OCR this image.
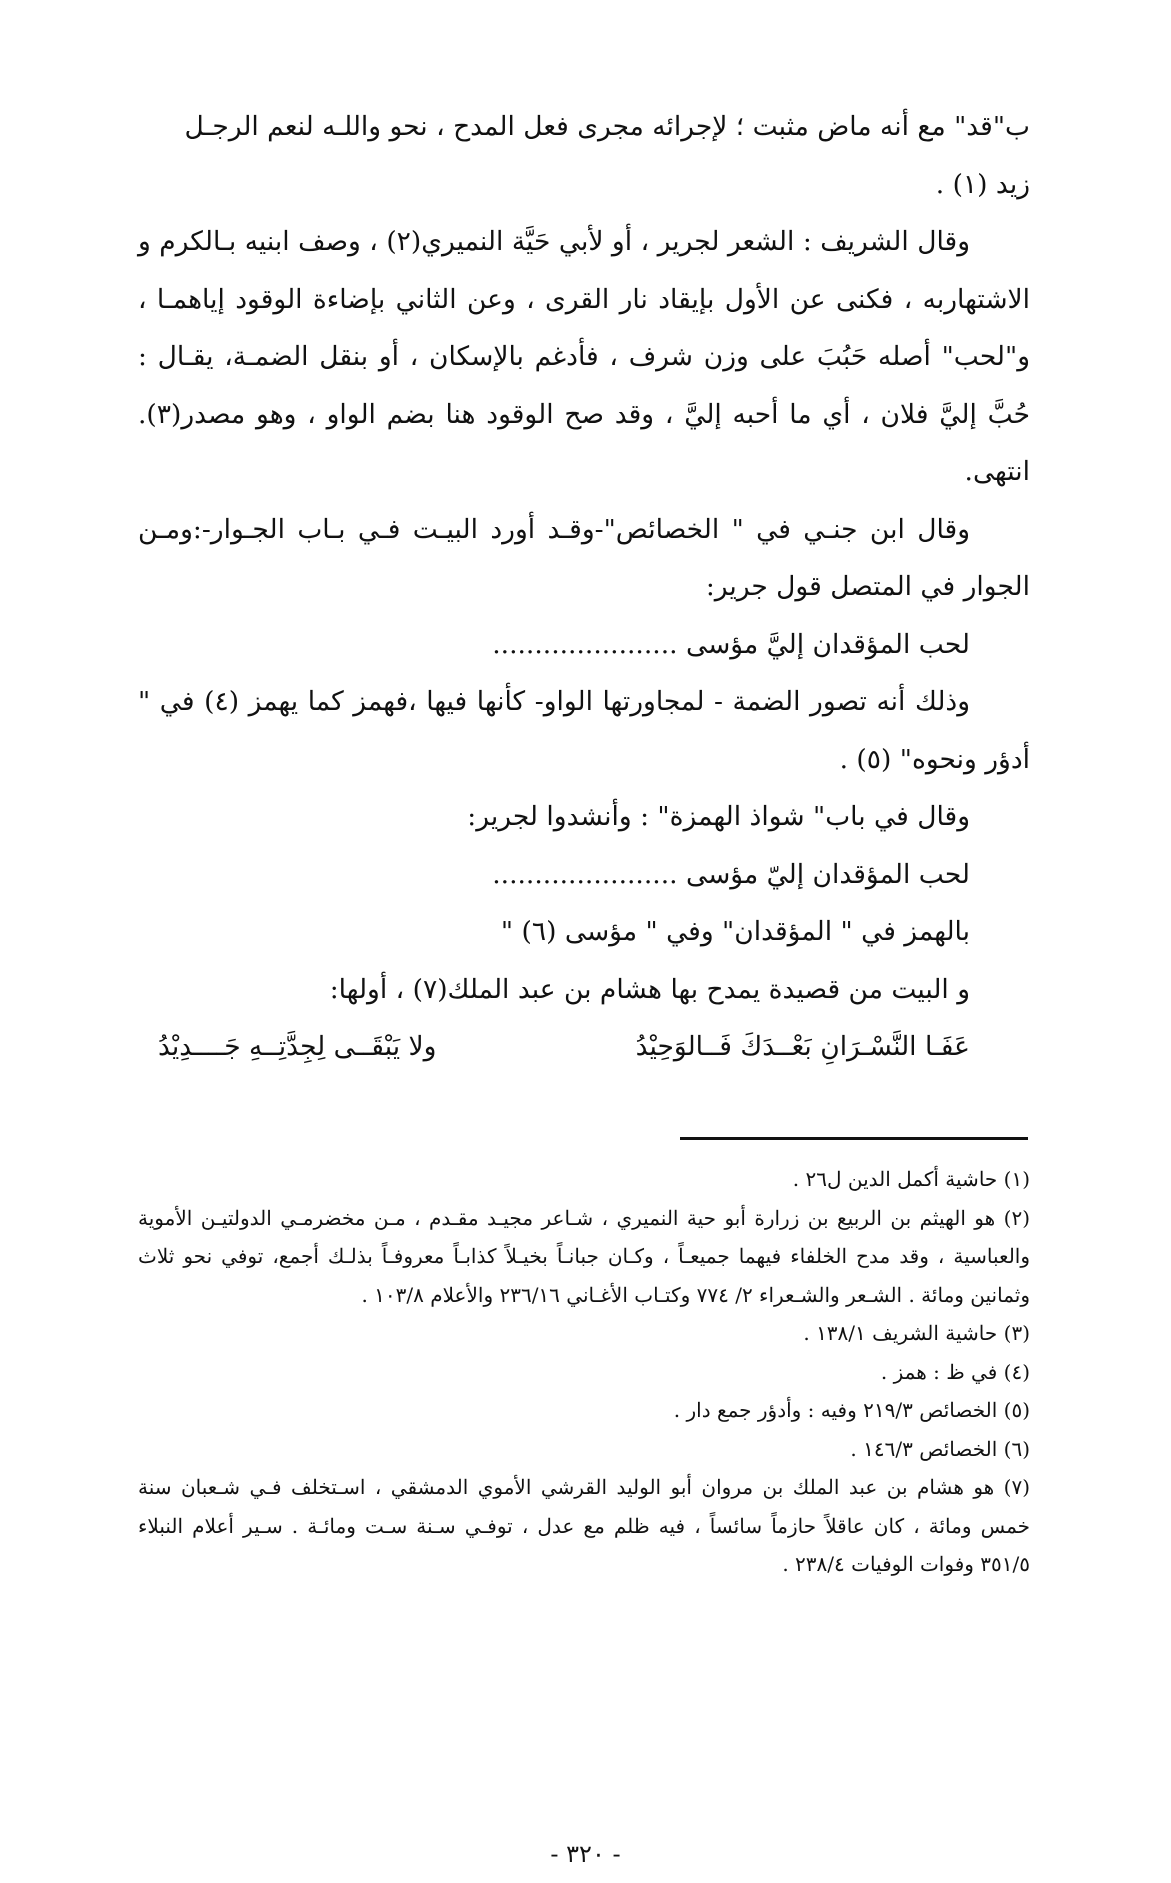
ب"قد" مع أنه ماض مثبت ؛ لإجرائه مجرى فعل المدح ، نحو واللـه لنعم الرجـل

زيد (١) .

وقال الشريف : الشعر لجرير ، أو لأبي حَيَّة النميري(٢) ، وصف ابنيه بـالكرم و الاشتهاربه ، فكنى عن الأول بإيقاد نار القرى ، وعن الثاني بإضاءة الوقود إياهمـا ، و"لحب" أصله حَبُبَ على وزن شرف ، فأدغم بالإسكان ، أو بنقل الضمـة، يقـال : حُبَّ إليَّ فلان ، أي ما أحبه إليَّ ، وقد صح الوقود هنا بضم الواو ، وهو مصدر(٣). انتهى.

وقال ابن جنـي في " الخصائص"-وقـد أورد البيـت فـي بـاب الجـوار-:ومـن الجوار في المتصل قول جرير:

لحب المؤقدان إليَّ مؤسى ......................

وذلك أنه تصور الضمة - لمجاورتها الواو- كأنها فيها ،فهمز كما يهمز (٤) في " أدؤر ونحوه" (٥) .

وقال في باب" شواذ الهمزة" : وأنشدوا لجرير:

لحب المؤقدان إليّ مؤسى ......................

بالهمز في " المؤقدان" وفي " مؤسى (٦) "

و البيت من قصيدة يمدح بها هشام بن عبد الملك(٧) ، أولها:

عَفَـا النَّسْـرَانِ بَعْــدَكَ فَــالوَحِيْدُ
ولا يَبْقَــى لِجِدَّتِــهِ جَــــدِيْدُ

(١) حاشية أكمل الدين ل٢٦ .

(٢) هو الهيثم بن الربيع بن زرارة أبو حية النميري ، شـاعر مجيـد مقـدم ، مـن مخضرمـي الدولتيـن الأموية والعباسية ، وقد مدح الخلفاء فيهما جميعـاً ، وكـان جبانـاً بخيـلاً كذابـاً معروفـاً بذلـك أجمع، توفي نحو ثلاث وثمانين ومائة . الشـعر والشـعراء ٢/ ٧٧٤ وكتـاب الأغـاني ٢٣٦/١٦ والأعلام ١٠٣/٨ .

(٣) حاشية الشريف ١٣٨/١ .

(٤) في ظ : همز .

(٥) الخصائص ٢١٩/٣ وفيه : وأدؤر جمع دار .

(٦) الخصائص ١٤٦/٣ .

(٧) هو هشام بن عبد الملك بن مروان أبو الوليد القرشي الأموي الدمشقي ، اسـتخلف فـي شـعبان سنة خمس ومائة ، كان عاقلاً حازماً سائساً ، فيه ظلم مع عدل ، توفـي سـنة سـت ومائـة . سـير أعلام النبلاء ٣٥١/٥ وفوات الوفيات ٢٣٨/٤ .

- ٣٢٠ -
